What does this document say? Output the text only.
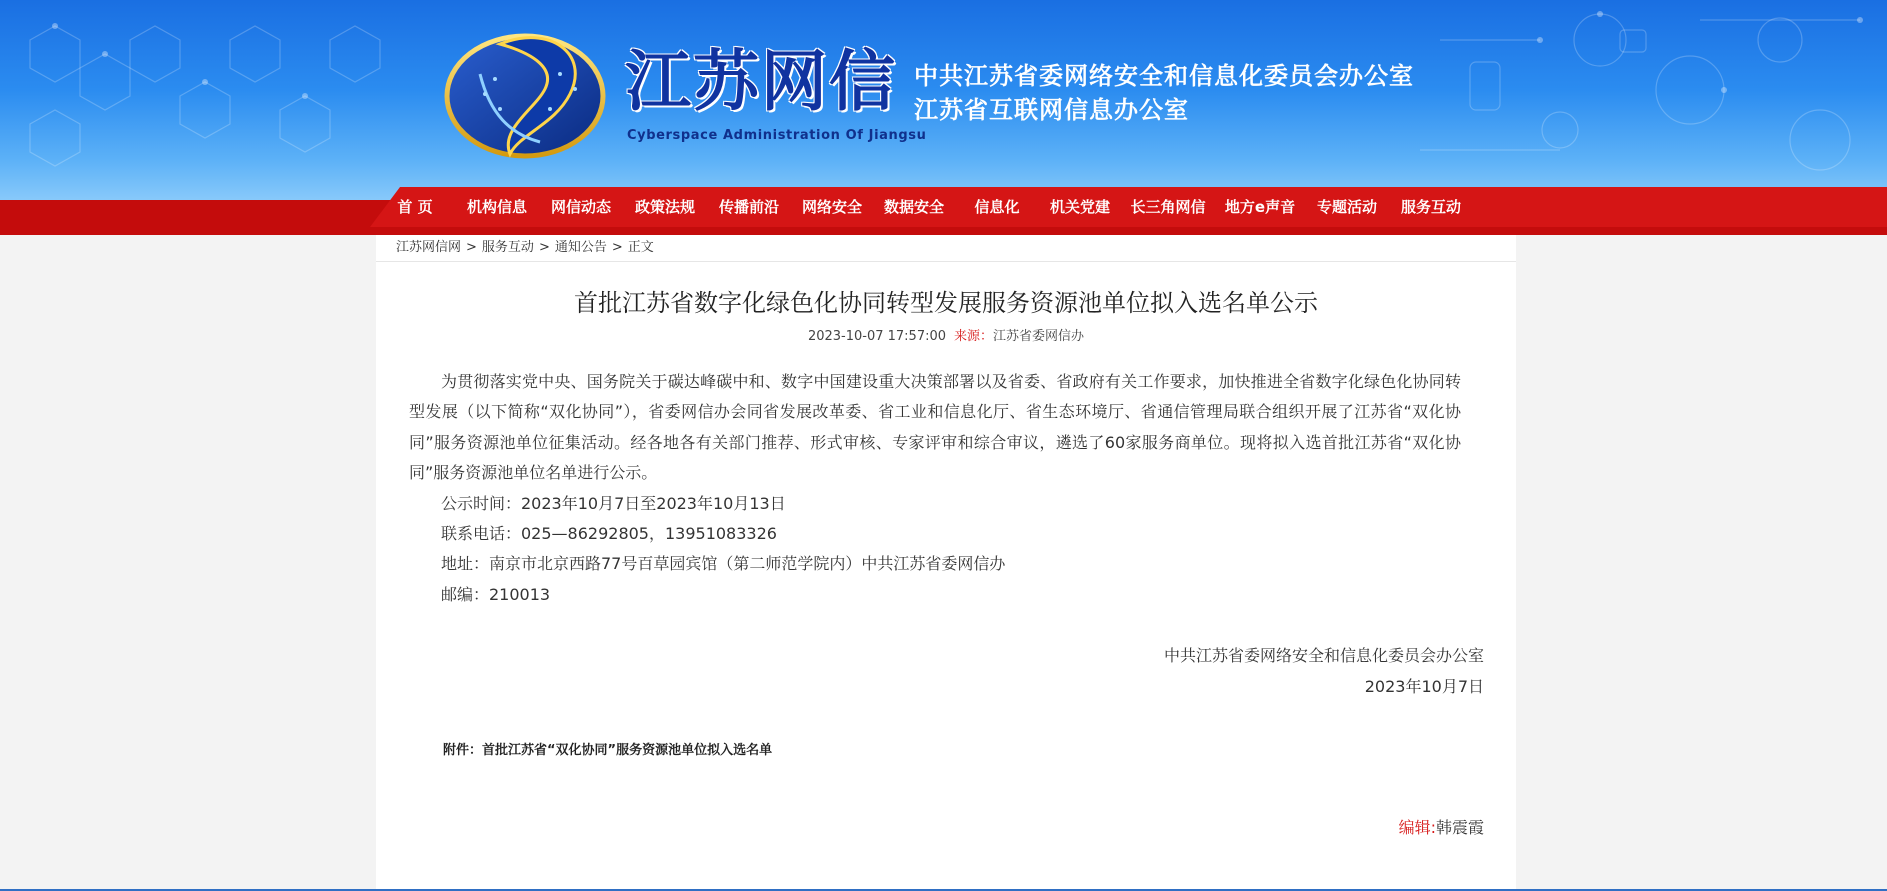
江苏网信
Cyberspace Administration Of Jiangsu
中共江苏省委网络安全和信息化委员会办公室
江苏省互联网信息办公室
首 页	机构信息	网信动态	政策法规	传播前沿	网络安全	数据安全	信息化	机关党建	长三角网信	地方e声音	专题活动	服务互动
江苏网信网 > 服务互动 > 通知公告 > 正文
首批江苏省数字化绿色化协同转型发展服务资源池单位拟入选名单公示
2023-10-07 17:57:00 来源：江苏省委网信办

为贯彻落实党中央、国务院关于碳达峰碳中和、数字中国建设重大决策部署以及省委、省政府有关工作要求，加快推进全省数字化绿色化协同转型发展（以下简称“双化协同”），省委网信办会同省发展改革委、省工业和信息化厅、省生态环境厅、省通信管理局联合组织开展了江苏省“双化协同”服务资源池单位征集活动。经各地各有关部门推荐、形式审核、专家评审和综合审议，遴选了60家服务商单位。现将拟入选首批江苏省“双化协同”服务资源池单位名单进行公示。

公示时间：2023年10月7日至2023年10月13日

联系电话：025—86292805，13951083326

地址：南京市北京西路77号百草园宾馆（第二师范学院内）中共江苏省委网信办

邮编：210013

中共江苏省委网络安全和信息化委员会办公室
2023年10月7日
附件：首批江苏省“双化协同”服务资源池单位拟入选名单
编辑:韩震霞
